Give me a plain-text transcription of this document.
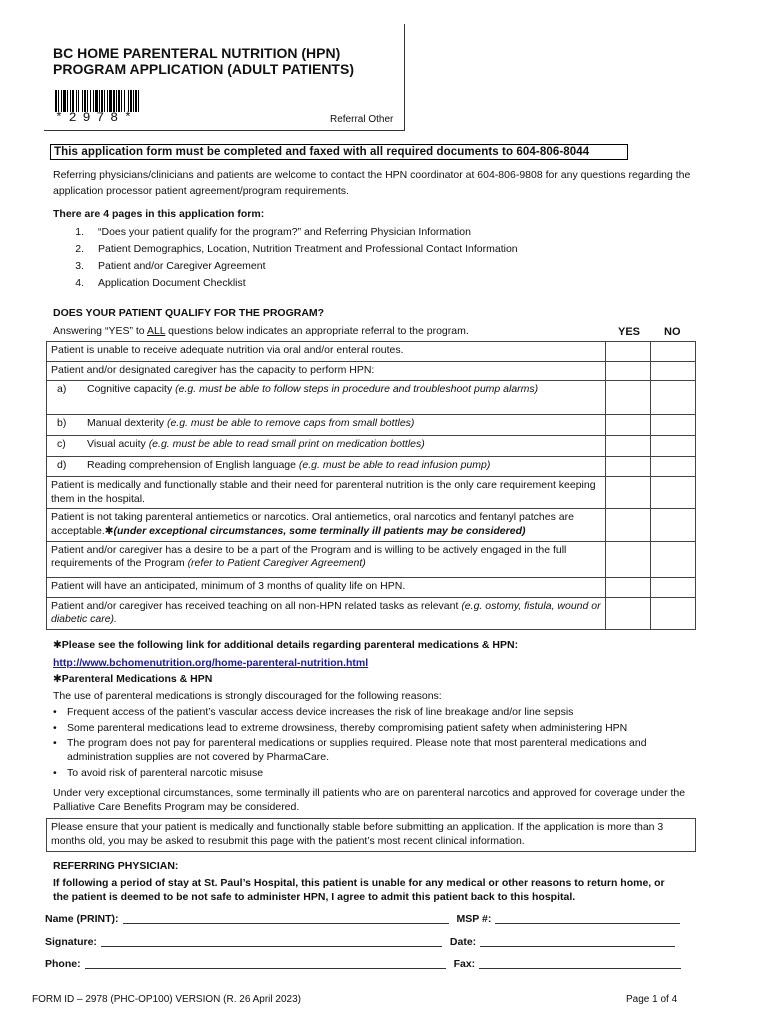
BC HOME PARENTERAL NUTRITION (HPN)
PROGRAM APPLICATION (ADULT PATIENTS)
*2978*	Referral Other
This application form must be completed and faxed with all required documents to 604-806-8044
Referring physicians/clinicians and patients are welcome to contact the HPN coordinator at 604-806-9808 for any questions regarding the application processor patient agreement/program requirements.
There are 4 pages in this application form:
1.	“Does your patient qualify for the program?” and Referring Physician Information
2.	Patient Demographics, Location, Nutrition Treatment and Professional Contact Information
3.	Patient and/or Caregiver Agreement
4.	Application Document Checklist
DOES YOUR PATIENT QUALIFY FOR THE PROGRAM?
Answering “YES” to ALL questions below indicates an appropriate referral to the program.	YES NO
Patient is unable to receive adequate nutrition via oral and/or enteral routes.		
Patient and/or designated caregiver has the capacity to perform HPN:		

a) Cognitive capacity (e.g. must be able to follow steps in procedure and troubleshoot pump alarms)		

b) Manual dexterity (e.g. must be able to remove caps from small bottles)		

c) Visual acuity (e.g. must be able to read small print on medication bottles)		

d) Reading comprehension of English language (e.g. must be able to read infusion pump)		

Patient is medically and functionally stable and their need for parenteral nutrition is the only care requirement keeping them in the hospital.		
Patient is not taking parenteral antiemetics or narcotics. Oral antiemetics, oral narcotics and fentanyl patches are acceptable.✱(under exceptional circumstances, some terminally ill patients may be considered)		
Patient and/or caregiver has a desire to be a part of the Program and is willing to be actively engaged in the full requirements of the Program (refer to Patient Caregiver Agreement)		
Patient will have an anticipated, minimum of 3 months of quality life on HPN.		
Patient and/or caregiver has received teaching on all non-HPN related tasks as relevant (e.g. ostomy, fistula, wound or diabetic care).		
✱Please see the following link for additional details regarding parenteral medications & HPN:
http://www.bchomenutrition.org/home-parenteral-nutrition.html
✱Parenteral Medications & HPN
The use of parenteral medications is strongly discouraged for the following reasons:
• Frequent access of the patient’s vascular access device increases the risk of line breakage and/or line sepsis
• Some parenteral medications lead to extreme drowsiness, thereby compromising patient safety when administering HPN
• The program does not pay for parenteral medications or supplies required. Please note that most parenteral medications and administration supplies are not covered by PharmaCare.
• To avoid risk of parenteral narcotic misuse
Under very exceptional circumstances, some terminally ill patients who are on parenteral narcotics and approved for coverage under the Palliative Care Benefits Program may be considered.
Please ensure that your patient is medically and functionally stable before submitting an application. If the application is more than 3 months old, you may be asked to resubmit this page with the patient’s most recent clinical information.
REFERRING PHYSICIAN:
If following a period of stay at St. Paul’s Hospital, this patient is unable for any medical or other reasons to return home, or the patient is deemed to be not safe to administer HPN, I agree to admit this patient back to this hospital.
Name (PRINT):	MSP #:
Signature:	Date:
Phone:	Fax:
FORM ID – 2978 (PHC-OP100) VERSION (R. 26 April 2023)	Page 1 of 4
